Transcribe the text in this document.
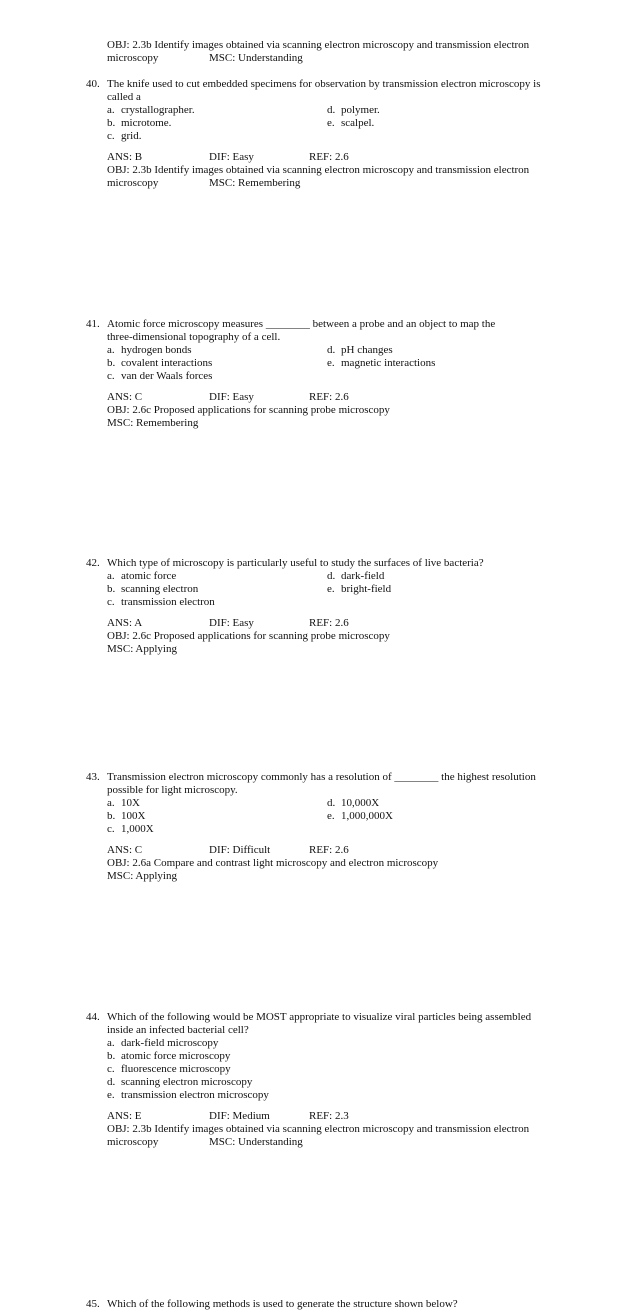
OBJ: 2.3b Identify images obtained via scanning electron microscopy and transmission electron
microscopy	MSC: Understanding
40. The knife used to cut embedded specimens for observation by transmission electron microscopy is
called a
a. crystallographer.	d. polymer.
b. microtome.	e. scalpel.
c. grid.
ANS: B	DIF: Easy	REF: 2.6
OBJ: 2.3b Identify images obtained via scanning electron microscopy and transmission electron
microscopy	MSC: Remembering
41. Atomic force microscopy measures ________ between a probe and an object to map the
three-dimensional topography of a cell.
a. hydrogen bonds	d. pH changes
b. covalent interactions	e. magnetic interactions
c. van der Waals forces
ANS: C	DIF: Easy	REF: 2.6
OBJ: 2.6c Proposed applications for scanning probe microscopy
MSC: Remembering
42. Which type of microscopy is particularly useful to study the surfaces of live bacteria?
a. atomic force	d. dark-field
b. scanning electron	e. bright-field
c. transmission electron
ANS: A	DIF: Easy	REF: 2.6
OBJ: 2.6c Proposed applications for scanning probe microscopy
MSC: Applying
43. Transmission electron microscopy commonly has a resolution of ________ the highest resolution
possible for light microscopy.
a. 10X	d. 10,000X
b. 100X	e. 1,000,000X
c. 1,000X
ANS: C	DIF: Difficult	REF: 2.6
OBJ: 2.6a Compare and contrast light microscopy and electron microscopy
MSC: Applying
44. Which of the following would be MOST appropriate to visualize viral particles being assembled
inside an infected bacterial cell?
a. dark-field microscopy
b. atomic force microscopy
c. fluorescence microscopy
d. scanning electron microscopy
e. transmission electron microscopy
ANS: E	DIF: Medium	REF: 2.3
OBJ: 2.3b Identify images obtained via scanning electron microscopy and transmission electron
microscopy	MSC: Understanding
45. Which of the following methods is used to generate the structure shown below?
